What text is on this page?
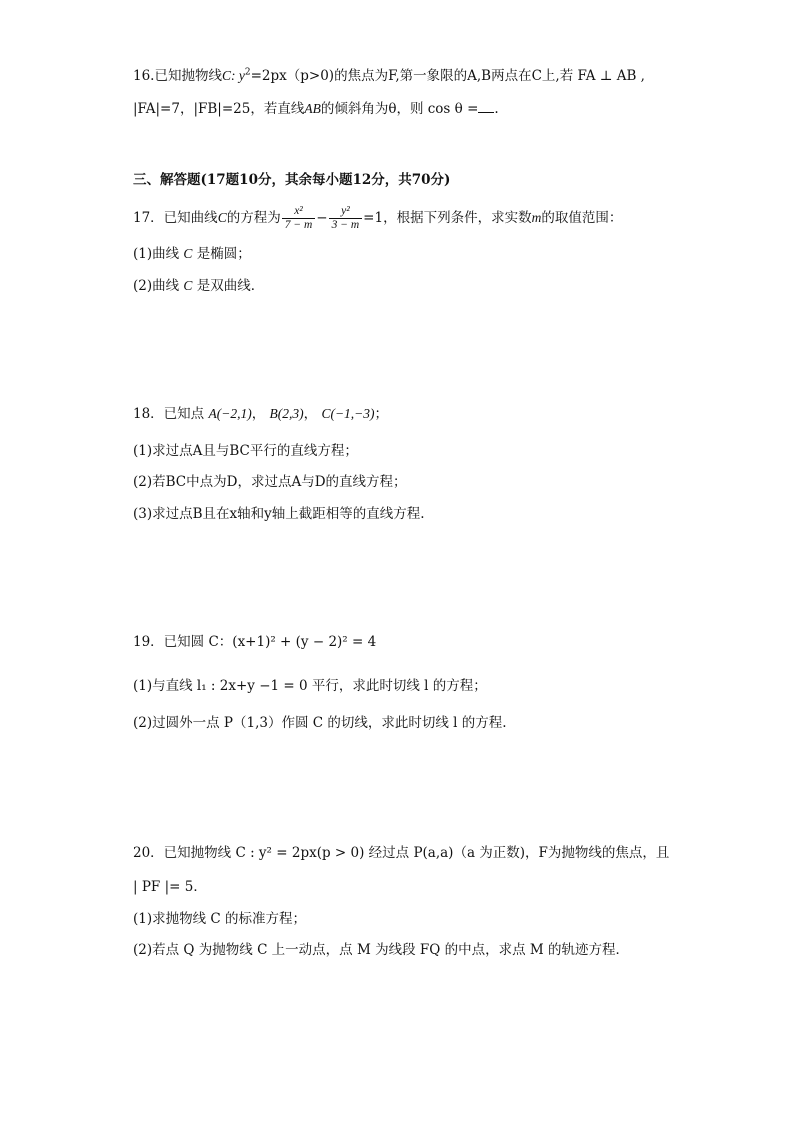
16.已知抛物线C: $y^2=2px(p>0)$的焦点为F,第一象限的A,B两点在C上,若 FA ⊥ AB ,
|FA|=7，|FB|=25，若直线AB的倾斜角为θ，则 cos θ = .
三、解答题(17题10分，其余每小题12分，共70分)
17．已知曲线C的方程为 $\frac{\text{x²}}{7 - m} - \frac{\text{y²}}{3 - m} =1$，根据下列条件，求实数m的取值范围：
(1)曲线 C 是椭圆；
(2)曲线 C 是双曲线．
18．已知点 A(−2,1)， B(2,3)， C(−1,−3)；
(1)求过点A且与BC平行的直线方程；
(2)若BC中点为D，求过点A与D的直线方程；
(3)求过点B且在x轴和y轴上截距相等的直线方程.
19．已知圆 C：(x+1)² + (y − 2)² = 4
(1)与直线 l₁ : 2x+y −1 = 0 平行，求此时切线 l 的方程；
(2)过圆外一点 P（1,3）作圆 C 的切线，求此时切线 l 的方程.
20．已知抛物线 C : y² = 2px(p > 0) 经过点 P(a,a)（a 为正数)，F为抛物线的焦点，且
| PF |= 5．
(1)求抛物线 C 的标准方程；
(2)若点 Q 为抛物线 C 上一动点，点 M 为线段 FQ 的中点，求点 M 的轨迹方程．
